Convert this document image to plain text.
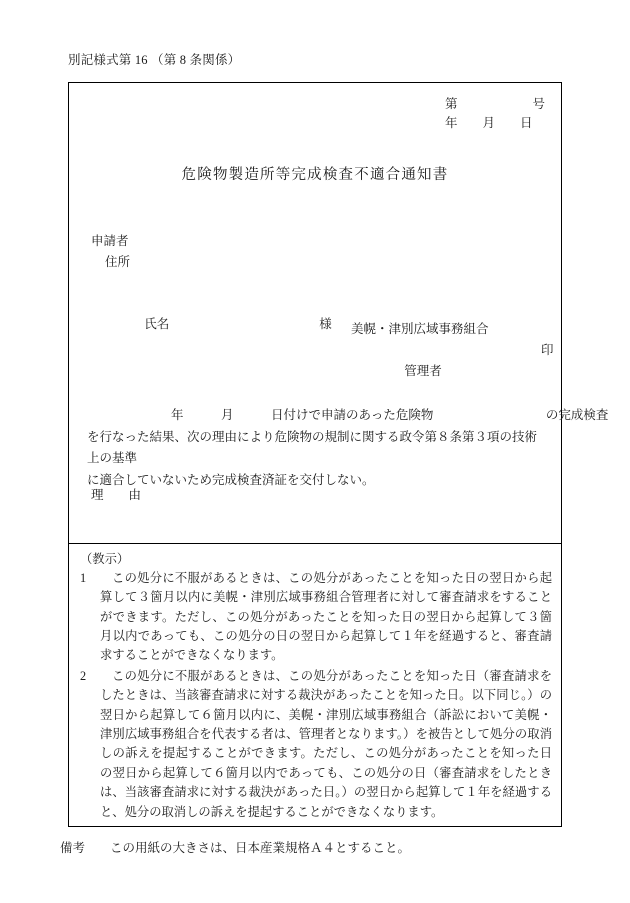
別記様式第 16 （第 8 条関係）
第　　　　　　号
年　　月　　日
危険物製造所等完成検査不適合通知書
申請者
住所

氏名	様
美幌・津別広域事務組合

管理者

印

年　　　月　　　日付けで申請のあった危険物　　　　　　　　　の完成検査
を行なった結果、次の理由により危険物の規制に関する政令第８条第３項の技術上の基準
に適合していないため完成検査済証を交付しない。
理　　由
（教示）
1	この処分に不服があるときは、この処分があったことを知った日の翌日から起算して３箇月以内に美幌・津別広域事務組合管理者に対して審査請求をすることができます。ただし、この処分があったことを知った日の翌日から起算して３箇月以内であっても、この処分の日の翌日から起算して１年を経過すると、審査請求することができなくなります。
2	この処分に不服があるときは、この処分があったことを知った日（審査請求をしたときは、当該審査請求に対する裁決があったことを知った日。以下同じ。）の翌日から起算して６箇月以内に、美幌・津別広域事務組合（訴訟において美幌・津別広域事務組合を代表する者は、管理者となります。）を被告として処分の取消しの訴えを提起することができます。ただし、この処分があったことを知った日の翌日から起算して６箇月以内であっても、この処分の日（審査請求をしたときは、当該審査請求に対する裁決があった日。）の翌日から起算して１年を経過すると、処分の取消しの訴えを提起することができなくなります。
備考　　この用紙の大きさは、日本産業規格Ａ４とすること。
